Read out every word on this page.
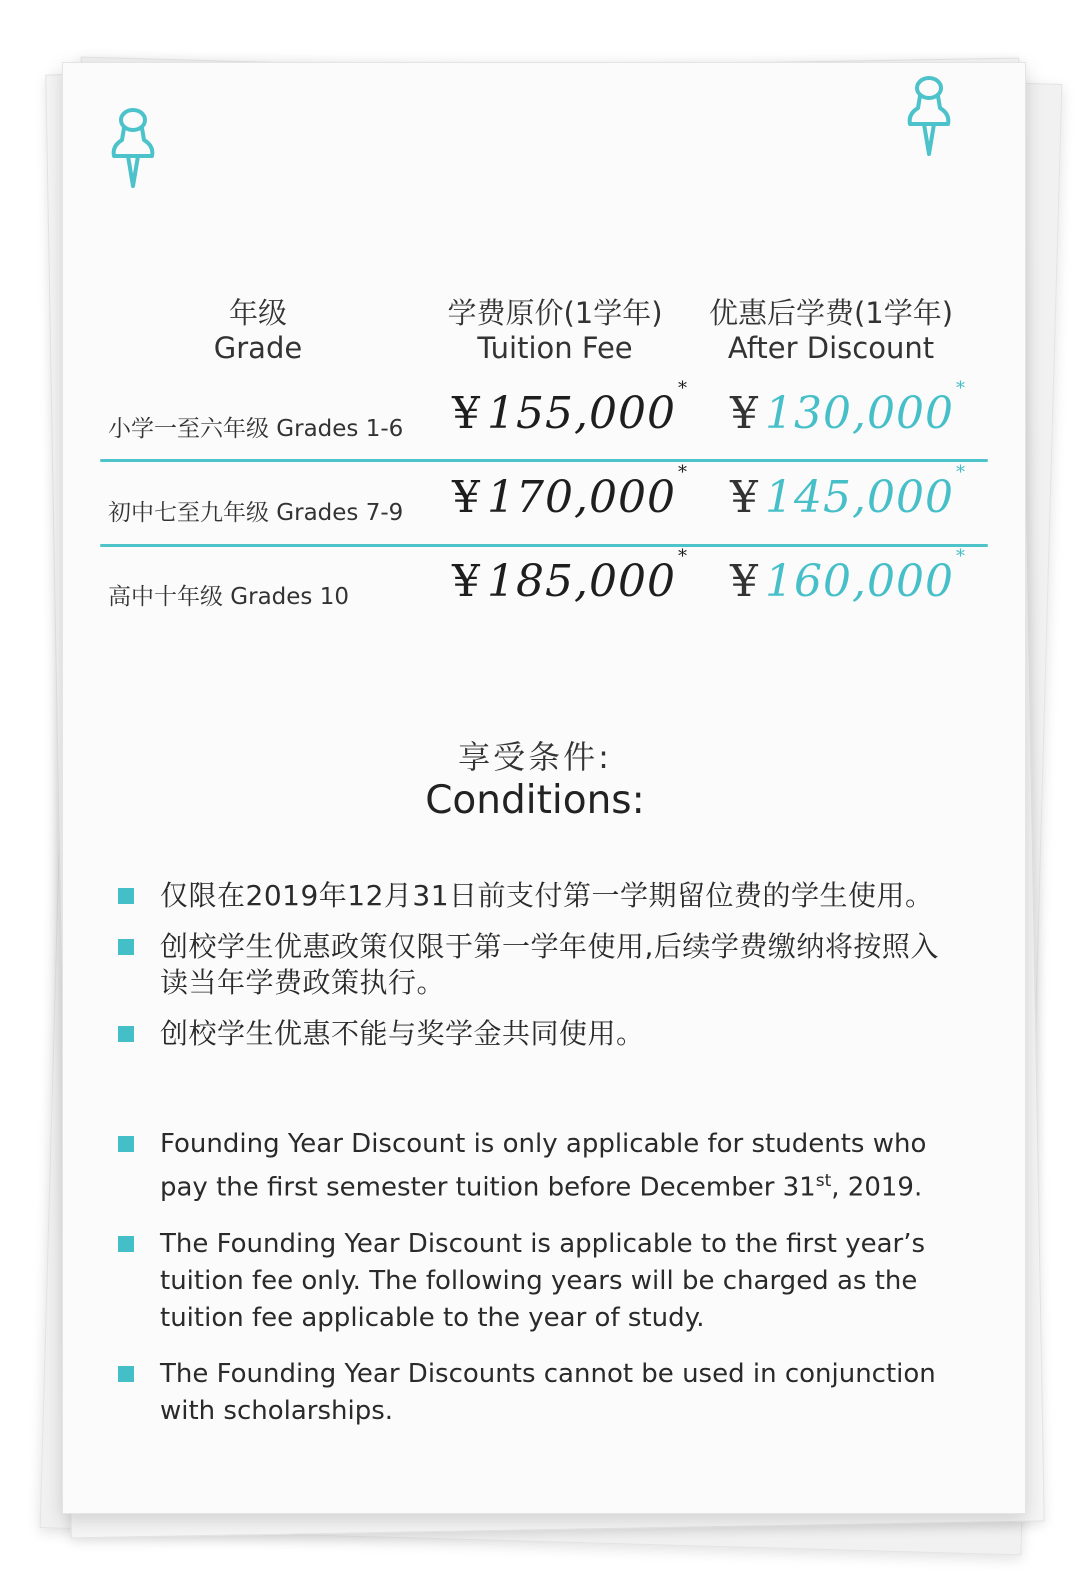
年级
Grade
学费原价(1学年)
Tuition Fee
优惠后学费(1学年)
After Discount
小学一至六年级 Grades 1-6 ¥ 155,000 * ¥ 130,000 *
初中七至九年级 Grades 7-9 ¥ 170,000 * ¥ 145,000 *
高中十年级 Grades 10 ¥ 185,000 * ¥ 160,000 *
享受条件:
Conditions:
仅限在2019年12月31日前支付第一学期留位费的学生使用。
创校学生优惠政策仅限于第一学年使用,后续学费缴纳将按照入读当年学费政策执行。
创校学生优惠不能与奖学金共同使用。
Founding Year Discount is only applicable for students who pay the first semester tuition before December 31st, 2019.
The Founding Year Discount is applicable to the first year’s tuition fee only. The following years will be charged as the tuition fee applicable to the year of study.
The Founding Year Discounts cannot be used in conjunction with scholarships.
